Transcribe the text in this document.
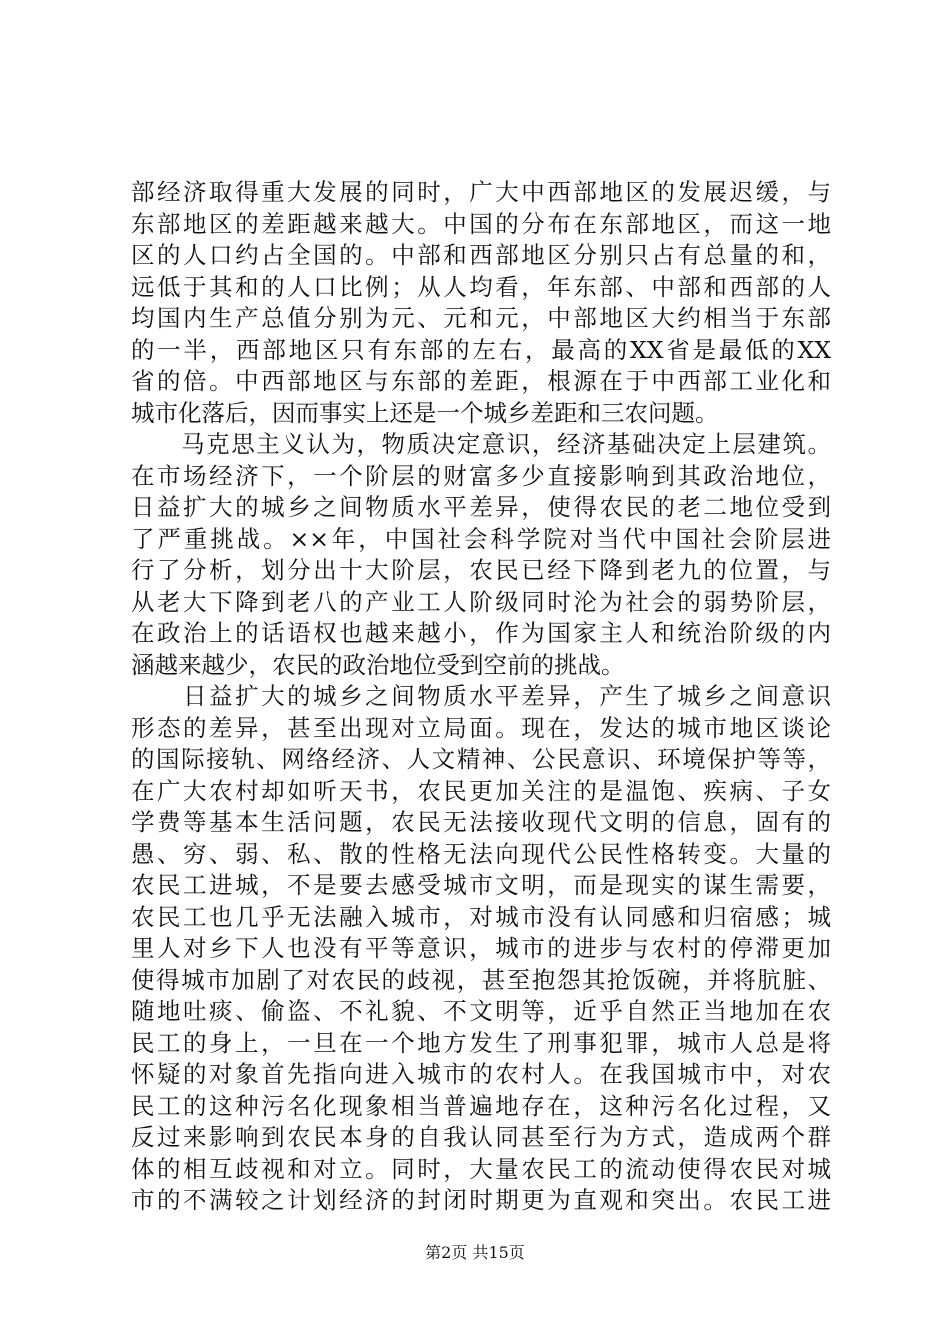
部经济取得重大发展的同时，广大中西部地区的发展迟缓，与
东部地区的差距越来越大。中国的分布在东部地区，而这一地
区的人口约占全国的。中部和西部地区分别只占有总量的和，
远低于其和的人口比例；从人均看，年东部、中部和西部的人
均国内生产总值分别为元、元和元，中部地区大约相当于东部
的一半，西部地区只有东部的左右，最高的XX省是最低的XX
省的倍。中西部地区与东部的差距，根源在于中西部工业化和
城市化落后，因而事实上还是一个城乡差距和三农问题。
　　马克思主义认为，物质决定意识，经济基础决定上层建筑。
在市场经济下，一个阶层的财富多少直接影响到其政治地位，
日益扩大的城乡之间物质水平差异，使得农民的老二地位受到
了严重挑战。××年，中国社会科学院对当代中国社会阶层进
行了分析，划分出十大阶层，农民已经下降到老九的位置，与
从老大下降到老八的产业工人阶级同时沦为社会的弱势阶层，
在政治上的话语权也越来越小，作为国家主人和统治阶级的内
涵越来越少，农民的政治地位受到空前的挑战。
　　日益扩大的城乡之间物质水平差异，产生了城乡之间意识
形态的差异，甚至出现对立局面。现在，发达的城市地区谈论
的国际接轨、网络经济、人文精神、公民意识、环境保护等等，
在广大农村却如听天书，农民更加关注的是温饱、疾病、子女
学费等基本生活问题，农民无法接收现代文明的信息，固有的
愚、穷、弱、私、散的性格无法向现代公民性格转变。大量的
农民工进城，不是要去感受城市文明，而是现实的谋生需要，
农民工也几乎无法融入城市，对城市没有认同感和归宿感；城
里人对乡下人也没有平等意识，城市的进步与农村的停滞更加
使得城市加剧了对农民的歧视，甚至抱怨其抢饭碗，并将肮脏、
随地吐痰、偷盗、不礼貌、不文明等，近乎自然正当地加在农
民工的身上，一旦在一个地方发生了刑事犯罪，城市人总是将
怀疑的对象首先指向进入城市的农村人。在我国城市中，对农
民工的这种污名化现象相当普遍地存在，这种污名化过程，又
反过来影响到农民本身的自我认同甚至行为方式，造成两个群
体的相互歧视和对立。同时，大量农民工的流动使得农民对城
市的不满较之计划经济的封闭时期更为直观和突出。农民工进
第2页 共15页
